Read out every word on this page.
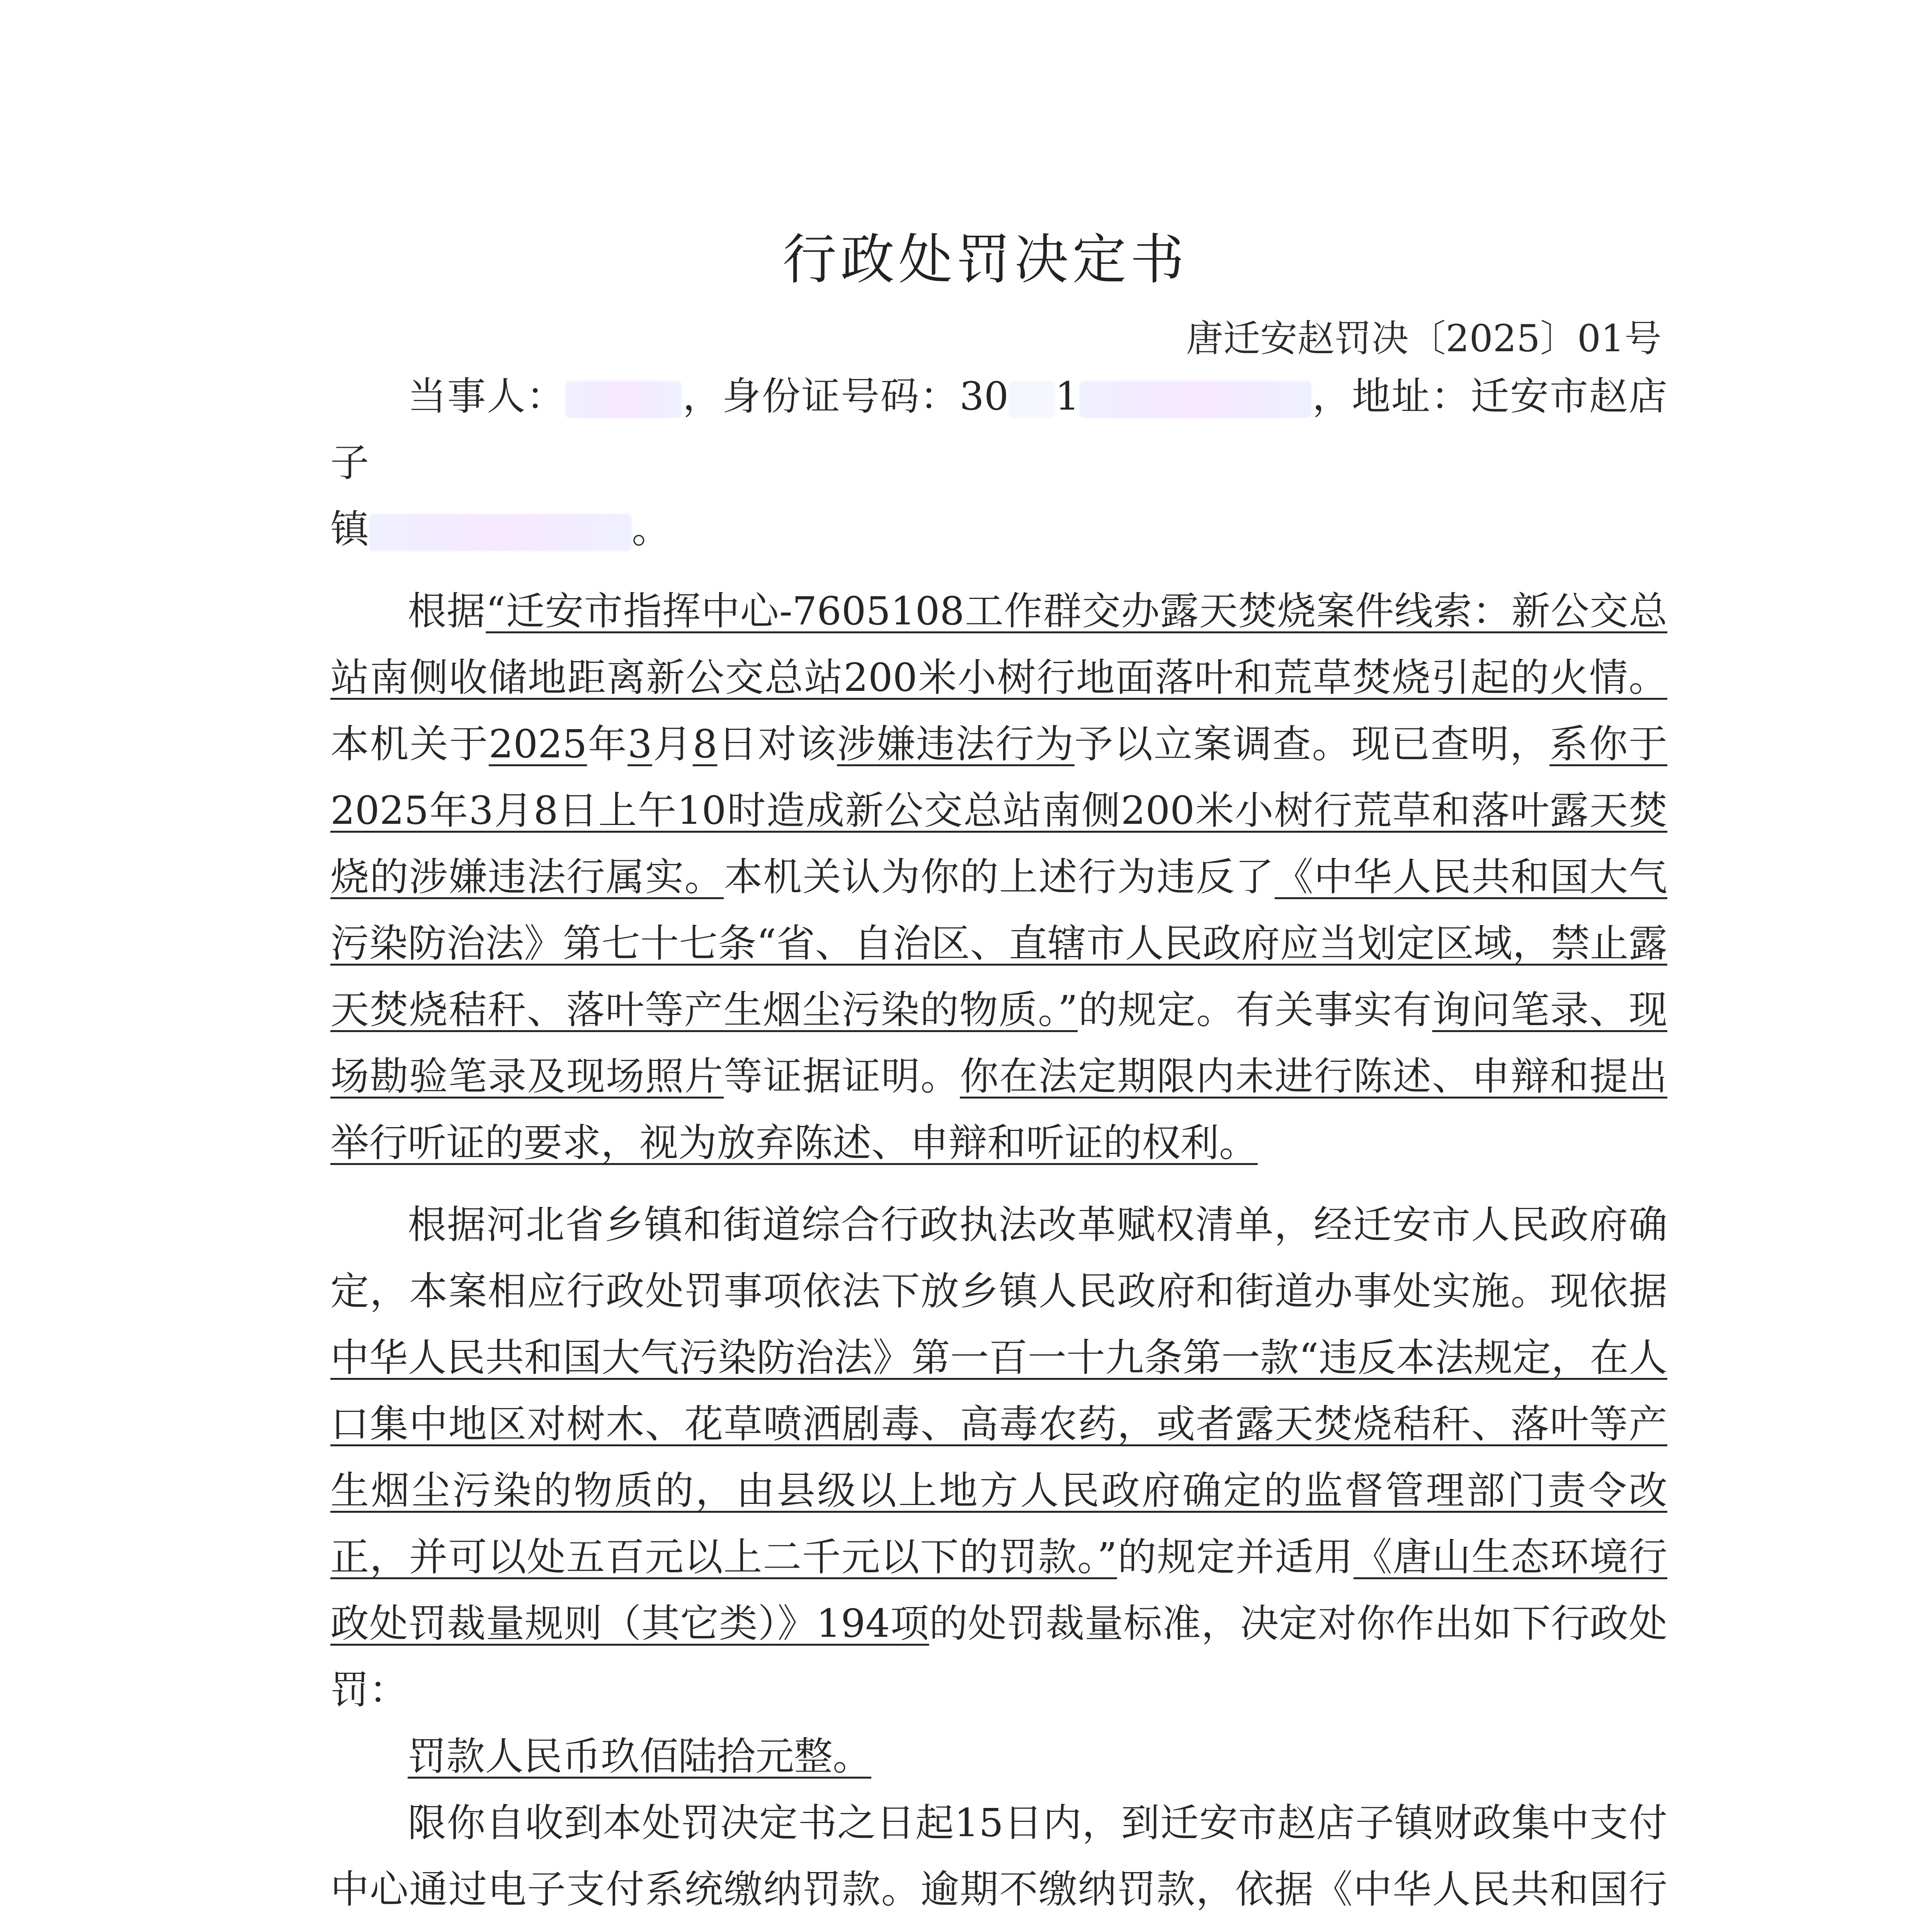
行政处罚决定书
唐迁安赵罚决〔2025〕01号

当事人：	，身份证号码：30 1	，地址：迁安市赵店子

镇	。

根据“迁安市指挥中心-7605108工作群交办露天焚烧案件线索：新公交总站南侧收储地距离新公交总站200米小树行地面落叶和荒草焚烧引起的火情。本机关于2025年3月8日对该涉嫌违法行为予以立案调查。现已查明，系你于2025年3月8日上午10时造成新公交总站南侧200米小树行荒草和落叶露天焚烧的涉嫌违法行属实。本机关认为你的上述行为违反了《中华人民共和国大气污染防治法》第七十七条“省、自治区、直辖市人民政府应当划定区域，禁止露天焚烧秸秆、落叶等产生烟尘污染的物质。”的规定。有关事实有询问笔录、现场勘验笔录及现场照片等证据证明。你在法定期限内未进行陈述、申辩和提出举行听证的要求，视为放弃陈述、申辩和听证的权利。

根据河北省乡镇和街道综合行政执法改革赋权清单，经迁安市人民政府确定，本案相应行政处罚事项依法下放乡镇人民政府和街道办事处实施。现依据中华人民共和国大气污染防治法》第一百一十九条第一款“违反本法规定，在人口集中地区对树木、花草喷洒剧毒、高毒农药，或者露天焚烧秸秆、落叶等产生烟尘污染的物质的，由县级以上地方人民政府确定的监督管理部门责令改正，并可以处五百元以上二千元以下的罚款。”的规定并适用《唐山生态环境行政处罚裁量规则（其它类）》194项的处罚裁量标准，决定对你作出如下行政处罚：

罚款人民币玖佰陆拾元整。

限你自收到本处罚决定书之日起15日内，到迁安市赵店子镇财政集中支付中心通过电子支付系统缴纳罚款。逾期不缴纳罚款，依据《中华人民共和国行
